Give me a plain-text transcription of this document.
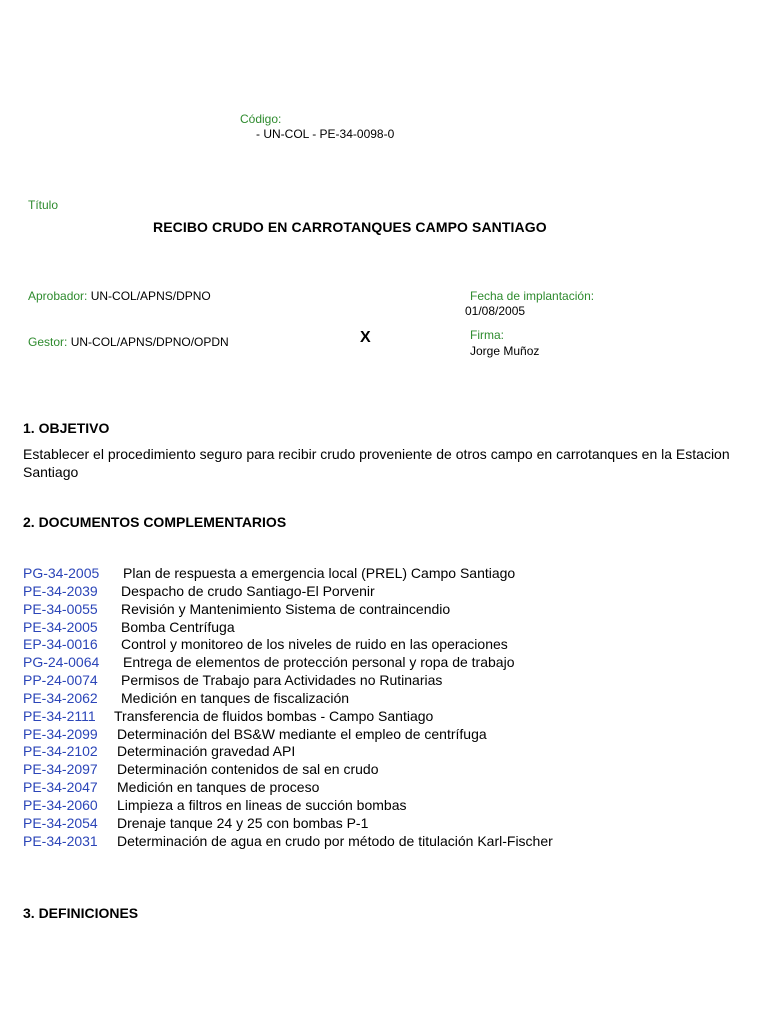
Código:
- UN-COL - PE-34-0098-0
Título
RECIBO CRUDO EN CARROTANQUES CAMPO SANTIAGO
Aprobador: UN-COL/APNS/DPNO
Gestor: UN-COL/APNS/DPNO/OPDN	X
Fecha de implantación:
01/08/2005
Firma:
Jorge Muñoz
1. OBJETIVO
Establecer el procedimiento seguro para recibir crudo proveniente de otros campo en carrotanques en la Estacion Santiago
2. DOCUMENTOS COMPLEMENTARIOS
PG-34-2005 Plan de respuesta a emergencia local (PREL) Campo Santiago
PE-34-2039 Despacho de crudo Santiago-El Porvenir
PE-34-0055 Revisión y Mantenimiento Sistema de contraincendio
PE-34-2005 Bomba Centrífuga
EP-34-0016 Control y monitoreo de los niveles de ruido en las operaciones
PG-24-0064 Entrega de elementos de protección personal y ropa de trabajo
PP-24-0074 Permisos de Trabajo para Actividades no Rutinarias
PE-34-2062 Medición en tanques de fiscalización
PE-34-2111 Transferencia de fluidos bombas - Campo Santiago
PE-34-2099 Determinación del BS&W mediante el empleo de centrífuga
PE-34-2102 Determinación gravedad API
PE-34-2097 Determinación contenidos de sal en crudo
PE-34-2047 Medición en tanques de proceso
PE-34-2060 Limpieza a filtros en lineas de succión bombas
PE-34-2054 Drenaje tanque 24 y 25 con bombas P-1
PE-34-2031 Determinación de agua en crudo por método de titulación Karl-Fischer
3. DEFINICIONES
